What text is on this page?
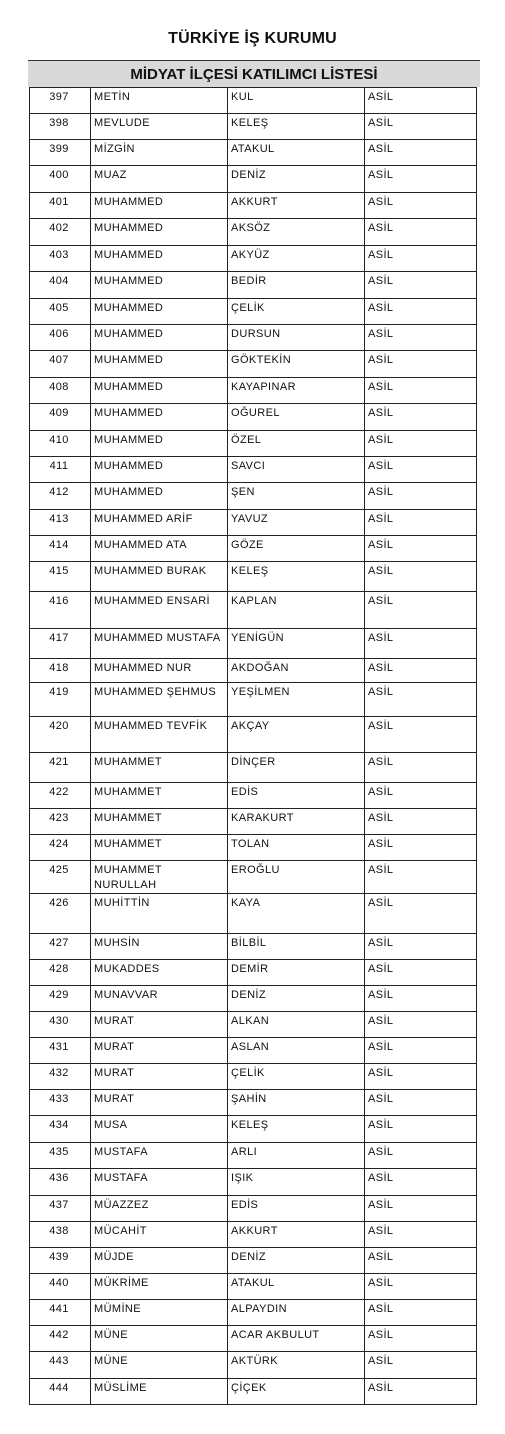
TÜRKİYE İŞ KURUMU
MİDYAT İLÇESİ KATILIMCI LİSTESİ
397	METİN	KUL	ASİL
398	MEVLUDE	KELEŞ	ASİL
399	MİZGİN	ATAKUL	ASİL
400	MUAZ	DENİZ	ASİL
401	MUHAMMED	AKKURT	ASİL
402	MUHAMMED	AKSÖZ	ASİL
403	MUHAMMED	AKYÜZ	ASİL
404	MUHAMMED	BEDİR	ASİL
405	MUHAMMED	ÇELİK	ASİL
406	MUHAMMED	DURSUN	ASİL
407	MUHAMMED	GÖKTEKİN	ASİL
408	MUHAMMED	KAYAPINAR	ASİL
409	MUHAMMED	OĞUREL	ASİL
410	MUHAMMED	ÖZEL	ASİL
411	MUHAMMED	SAVCI	ASİL
412	MUHAMMED	ŞEN	ASİL
413	MUHAMMED ARİF	YAVUZ	ASİL
414	MUHAMMED ATA	GÖZE	ASİL
415	MUHAMMED BURAK	KELEŞ	ASİL
416	MUHAMMED ENSARİ	KAPLAN	ASİL
417	MUHAMMED MUSTAFA	YENİGÜN	ASİL
418	MUHAMMED NUR	AKDOĞAN	ASİL
419	MUHAMMED ŞEHMUS	YEŞİLMEN	ASİL
420	MUHAMMED TEVFİK	AKÇAY	ASİL
421	MUHAMMET	DİNÇER	ASİL
422	MUHAMMET	EDİS	ASİL
423	MUHAMMET	KARAKURT	ASİL
424	MUHAMMET	TOLAN	ASİL
425	MUHAMMET NURULLAH	EROĞLU	ASİL
426	MUHİTTİN	KAYA	ASİL
427	MUHSİN	BİLBİL	ASİL
428	MUKADDES	DEMİR	ASİL
429	MUNAVVAR	DENİZ	ASİL
430	MURAT	ALKAN	ASİL
431	MURAT	ASLAN	ASİL
432	MURAT	ÇELİK	ASİL
433	MURAT	ŞAHİN	ASİL
434	MUSA	KELEŞ	ASİL
435	MUSTAFA	ARLI	ASİL
436	MUSTAFA	IŞIK	ASİL
437	MÜAZZEZ	EDİS	ASİL
438	MÜCAHİT	AKKURT	ASİL
439	MÜJDE	DENİZ	ASİL
440	MÜKRİME	ATAKUL	ASİL
441	MÜMİNE	ALPAYDIN	ASİL
442	MÜNE	ACAR AKBULUT	ASİL
443	MÜNE	AKTÜRK	ASİL
444	MÜSLİME	ÇİÇEK	ASİL
